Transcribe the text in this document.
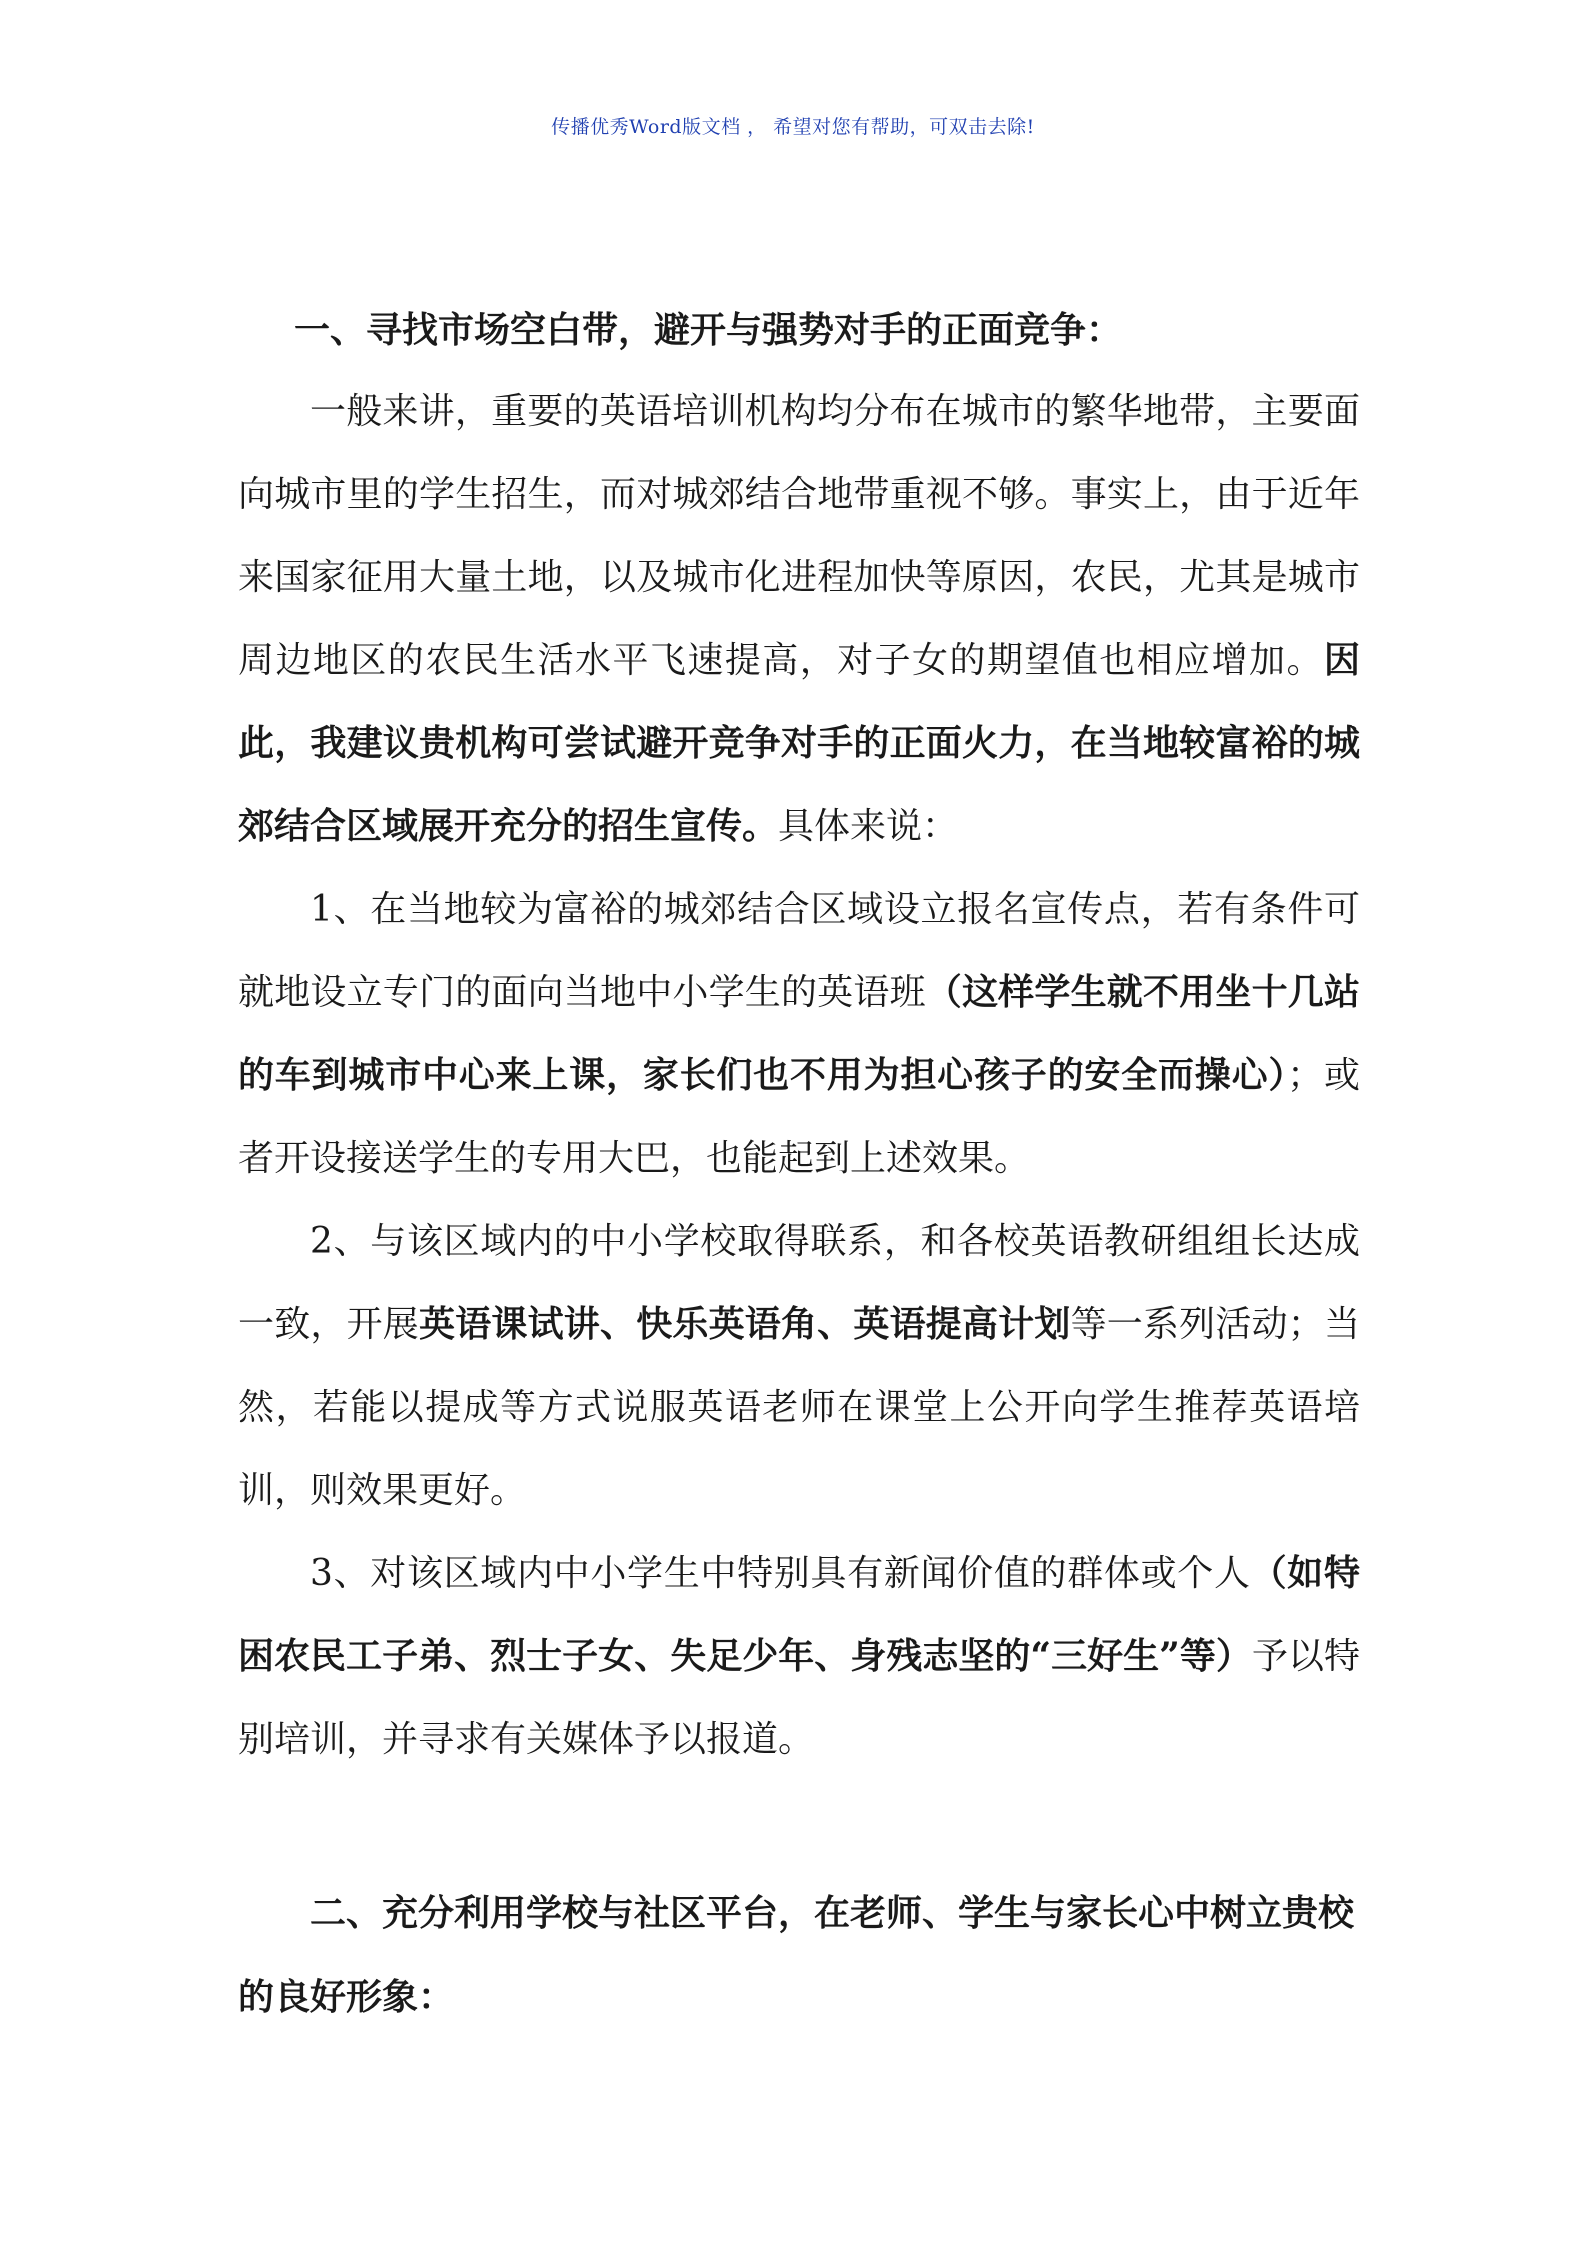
传播优秀Word版文档 ， 希望对您有帮助，可双击去除!

一、寻找市场空白带，避开与强势对手的正面竞争：

一般来讲，重要的英语培训机构均分布在城市的繁华地带，主要面向城市里的学生招生，而对城郊结合地带重视不够。事实上，由于近年来国家征用大量土地，以及城市化进程加快等原因，农民，尤其是城市周边地区的农民生活水平飞速提高，对子女的期望值也相应增加。因此，我建议贵机构可尝试避开竞争对手的正面火力，在当地较富裕的城郊结合区域展开充分的招生宣传。具体来说：

1、在当地较为富裕的城郊结合区域设立报名宣传点，若有条件可就地设立专门的面向当地中小学生的英语班（这样学生就不用坐十几站的车到城市中心来上课，家长们也不用为担心孩子的安全而操心）；或者开设接送学生的专用大巴，也能起到上述效果。

2、与该区域内的中小学校取得联系，和各校英语教研组组长达成一致，开展英语课试讲、快乐英语角、英语提高计划等一系列活动；当然，若能以提成等方式说服英语老师在课堂上公开向学生推荐英语培训，则效果更好。

3、对该区域内中小学生中特别具有新闻价值的群体或个人（如特困农民工子弟、烈士子女、失足少年、身残志坚的“三好生”等）予以特别培训，并寻求有关媒体予以报道。

二、充分利用学校与社区平台，在老师、学生与家长心中树立贵校的良好形象：
